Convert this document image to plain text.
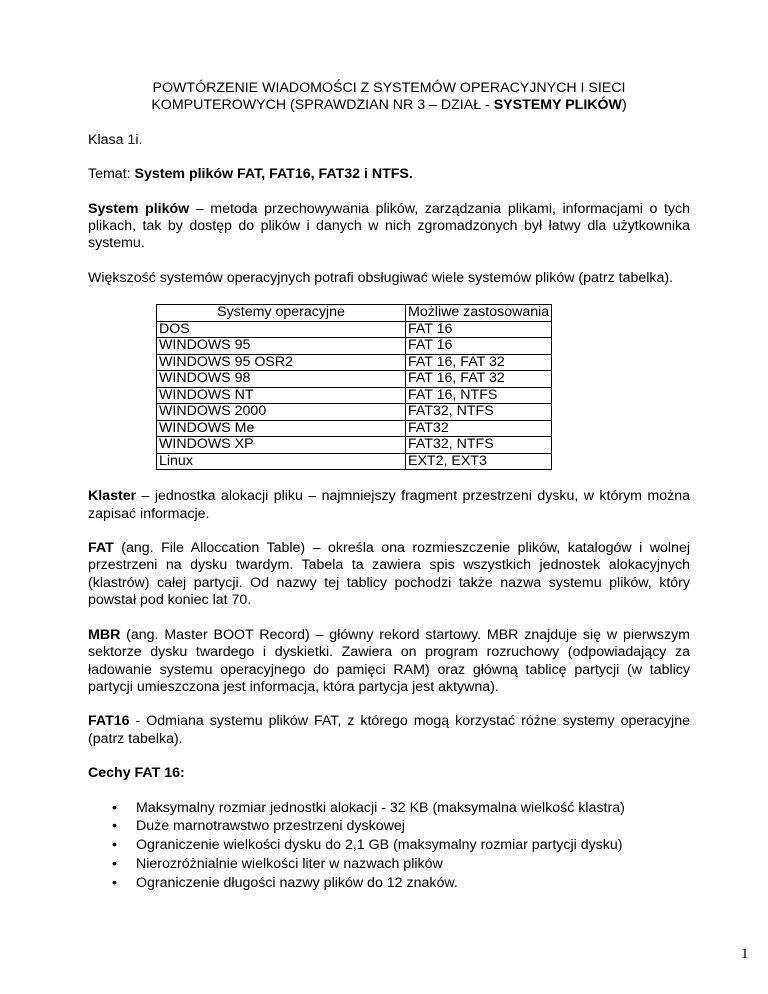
POWTÓRZENIE WIADOMOŚCI Z SYSTEMÓW OPERACYJNYCH I SIECI
KOMPUTEROWYCH (SPRAWDZIAN NR 3 – DZIAŁ - SYSTEMY PLIKÓW)

Klasa 1i.

Temat: System plików FAT, FAT16, FAT32 i NTFS.

System plików – metoda przechowywania plików, zarządzania plikami, informacjami o tych plikach, tak by dostęp do plików i danych w nich zgromadzonych był łatwy dla użytkownika systemu.

Większość systemów operacyjnych potrafi obsługiwać wiele systemów plików (patrz tabelka).

Systemy operacyjne	Możliwe zastosowania
DOS	FAT 16
WINDOWS 95	FAT 16
WINDOWS 95 OSR2	FAT 16, FAT 32
WINDOWS 98	FAT 16, FAT 32
WINDOWS NT	FAT 16, NTFS
WINDOWS 2000	FAT32, NTFS
WINDOWS Me	FAT32
WINDOWS XP	FAT32, NTFS
Linux	EXT2, EXT3

Klaster – jednostka alokacji pliku – najmniejszy fragment przestrzeni dysku, w którym można zapisać informacje.

FAT (ang. File Alloccation Table) – określa ona rozmieszczenie plików, katalogów i wolnej przestrzeni na dysku twardym. Tabela ta zawiera spis wszystkich jednostek alokacyjnych (klastrów) całej partycji. Od nazwy tej tablicy pochodzi także nazwa systemu plików, który powstał pod koniec lat 70.

MBR (ang. Master BOOT Record) – główny rekord startowy. MBR znajduje się w pierwszym sektorze dysku twardego i dyskietki. Zawiera on program rozruchowy (odpowiadający za ładowanie systemu operacyjnego do pamięci RAM) oraz główną tablicę partycji (w tablicy partycji umieszczona jest informacja, która partycja jest aktywna).

FAT16 - Odmiana systemu plików FAT, z którego mogą korzystać różne systemy operacyjne (patrz tabelka).

Cechy FAT 16:
•	Maksymalny rozmiar jednostki alokacji - 32 KB (maksymalna wielkość klastra)
•	Duże marnotrawstwo przestrzeni dyskowej
•	Ograniczenie wielkości dysku do 2,1 GB (maksymalny rozmiar partycji dysku)
•	Nierozróżnialnie wielkości liter w nazwach plików
•	Ograniczenie długości nazwy plików do 12 znaków.
1
